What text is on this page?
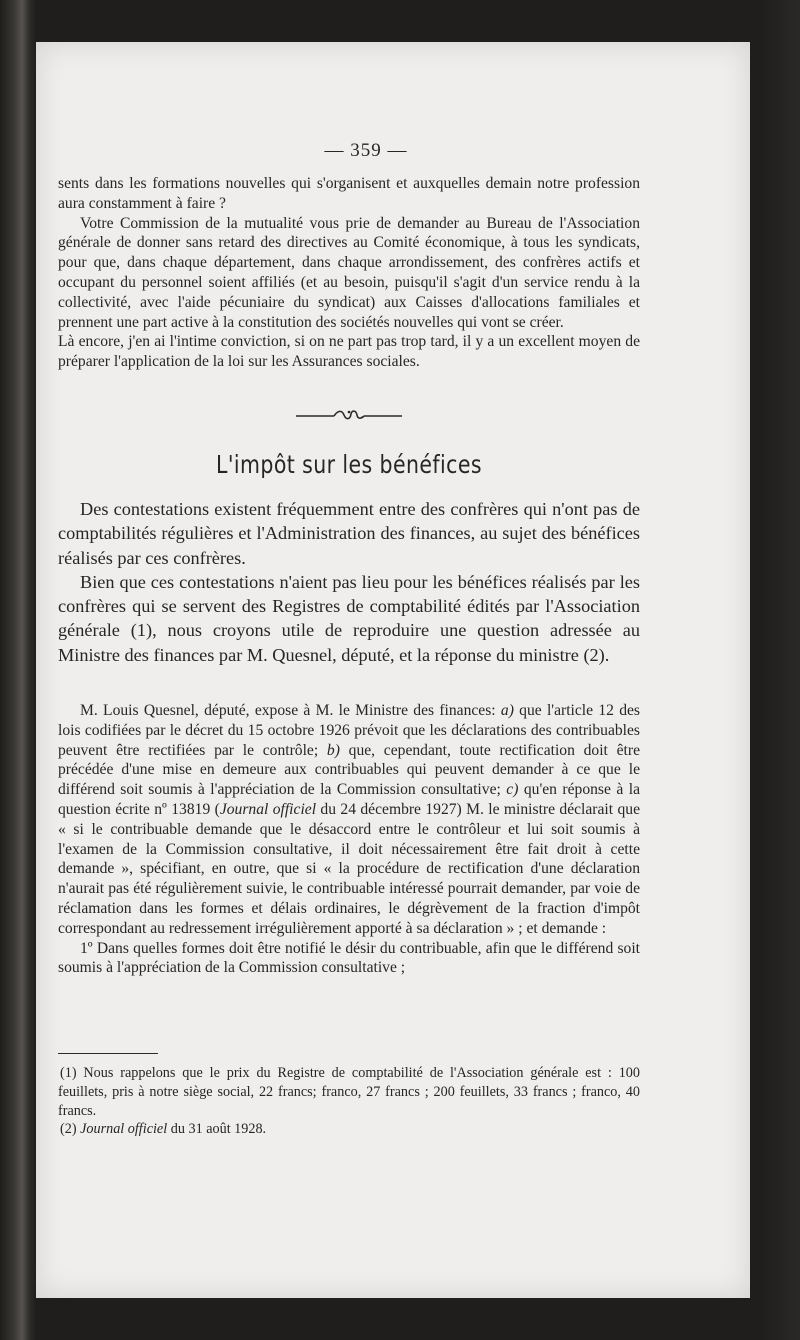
— 359 —

sents dans les formations nouvelles qui s'organisent et auxquelles demain notre profession aura constamment à faire ?

Votre Commission de la mutualité vous prie de demander au Bureau de l'Association générale de donner sans retard des directives au Comité économique, à tous les syndicats, pour que, dans chaque département, dans chaque arrondissement, des confrères actifs et occupant du personnel soient affiliés (et au besoin, puisqu'il s'agit d'un service rendu à la collectivité, avec l'aide pécuniaire du syndicat) aux Caisses d'allocations familiales et prennent une part active à la constitution des sociétés nouvelles qui vont se créer.

Là encore, j'en ai l'intime conviction, si on ne part pas trop tard, il y a un excellent moyen de préparer l'application de la loi sur les Assurances sociales.

L'impôt sur les bénéfices

Des contestations existent fréquemment entre des confrères qui n'ont pas de comptabilités régulières et l'Administration des finances, au sujet des bénéfices réalisés par ces confrères.

Bien que ces contestations n'aient pas lieu pour les bénéfices réalisés par les confrères qui se servent des Registres de comptabilité édités par l'Association générale (1), nous croyons utile de reproduire une question adressée au Ministre des finances par M. Quesnel, député, et la réponse du ministre (2).

M. Louis Quesnel, député, expose à M. le Ministre des finances: a) que l'article 12 des lois codifiées par le décret du 15 octobre 1926 prévoit que les déclarations des contribuables peuvent être rectifiées par le contrôle; b) que, cependant, toute rectification doit être précédée d'une mise en demeure aux contribuables qui peuvent demander à ce que le différend soit soumis à l'appréciation de la Commission consultative; c) qu'en réponse à la question écrite nº 13819 (Journal officiel du 24 décembre 1927) M. le ministre déclarait que « si le contribuable demande que le désaccord entre le contrôleur et lui soit soumis à l'examen de la Commission consultative, il doit nécessairement être fait droit à cette demande », spécifiant, en outre, que si « la procédure de rectification d'une déclaration n'aurait pas été régulièrement suivie, le contribuable intéressé pourrait demander, par voie de réclamation dans les formes et délais ordinaires, le dégrèvement de la fraction d'impôt correspondant au redressement irrégulièrement apporté à sa déclaration » ; et demande :

1º Dans quelles formes doit être notifié le désir du contribuable, afin que le différend soit soumis à l'appréciation de la Commission consultative ;

(1) Nous rappelons que le prix du Registre de comptabilité de l'Association générale est : 100 feuillets, pris à notre siège social, 22 francs; franco, 27 francs ; 200 feuillets, 33 francs ; franco, 40 francs.

(2) Journal officiel du 31 août 1928.
